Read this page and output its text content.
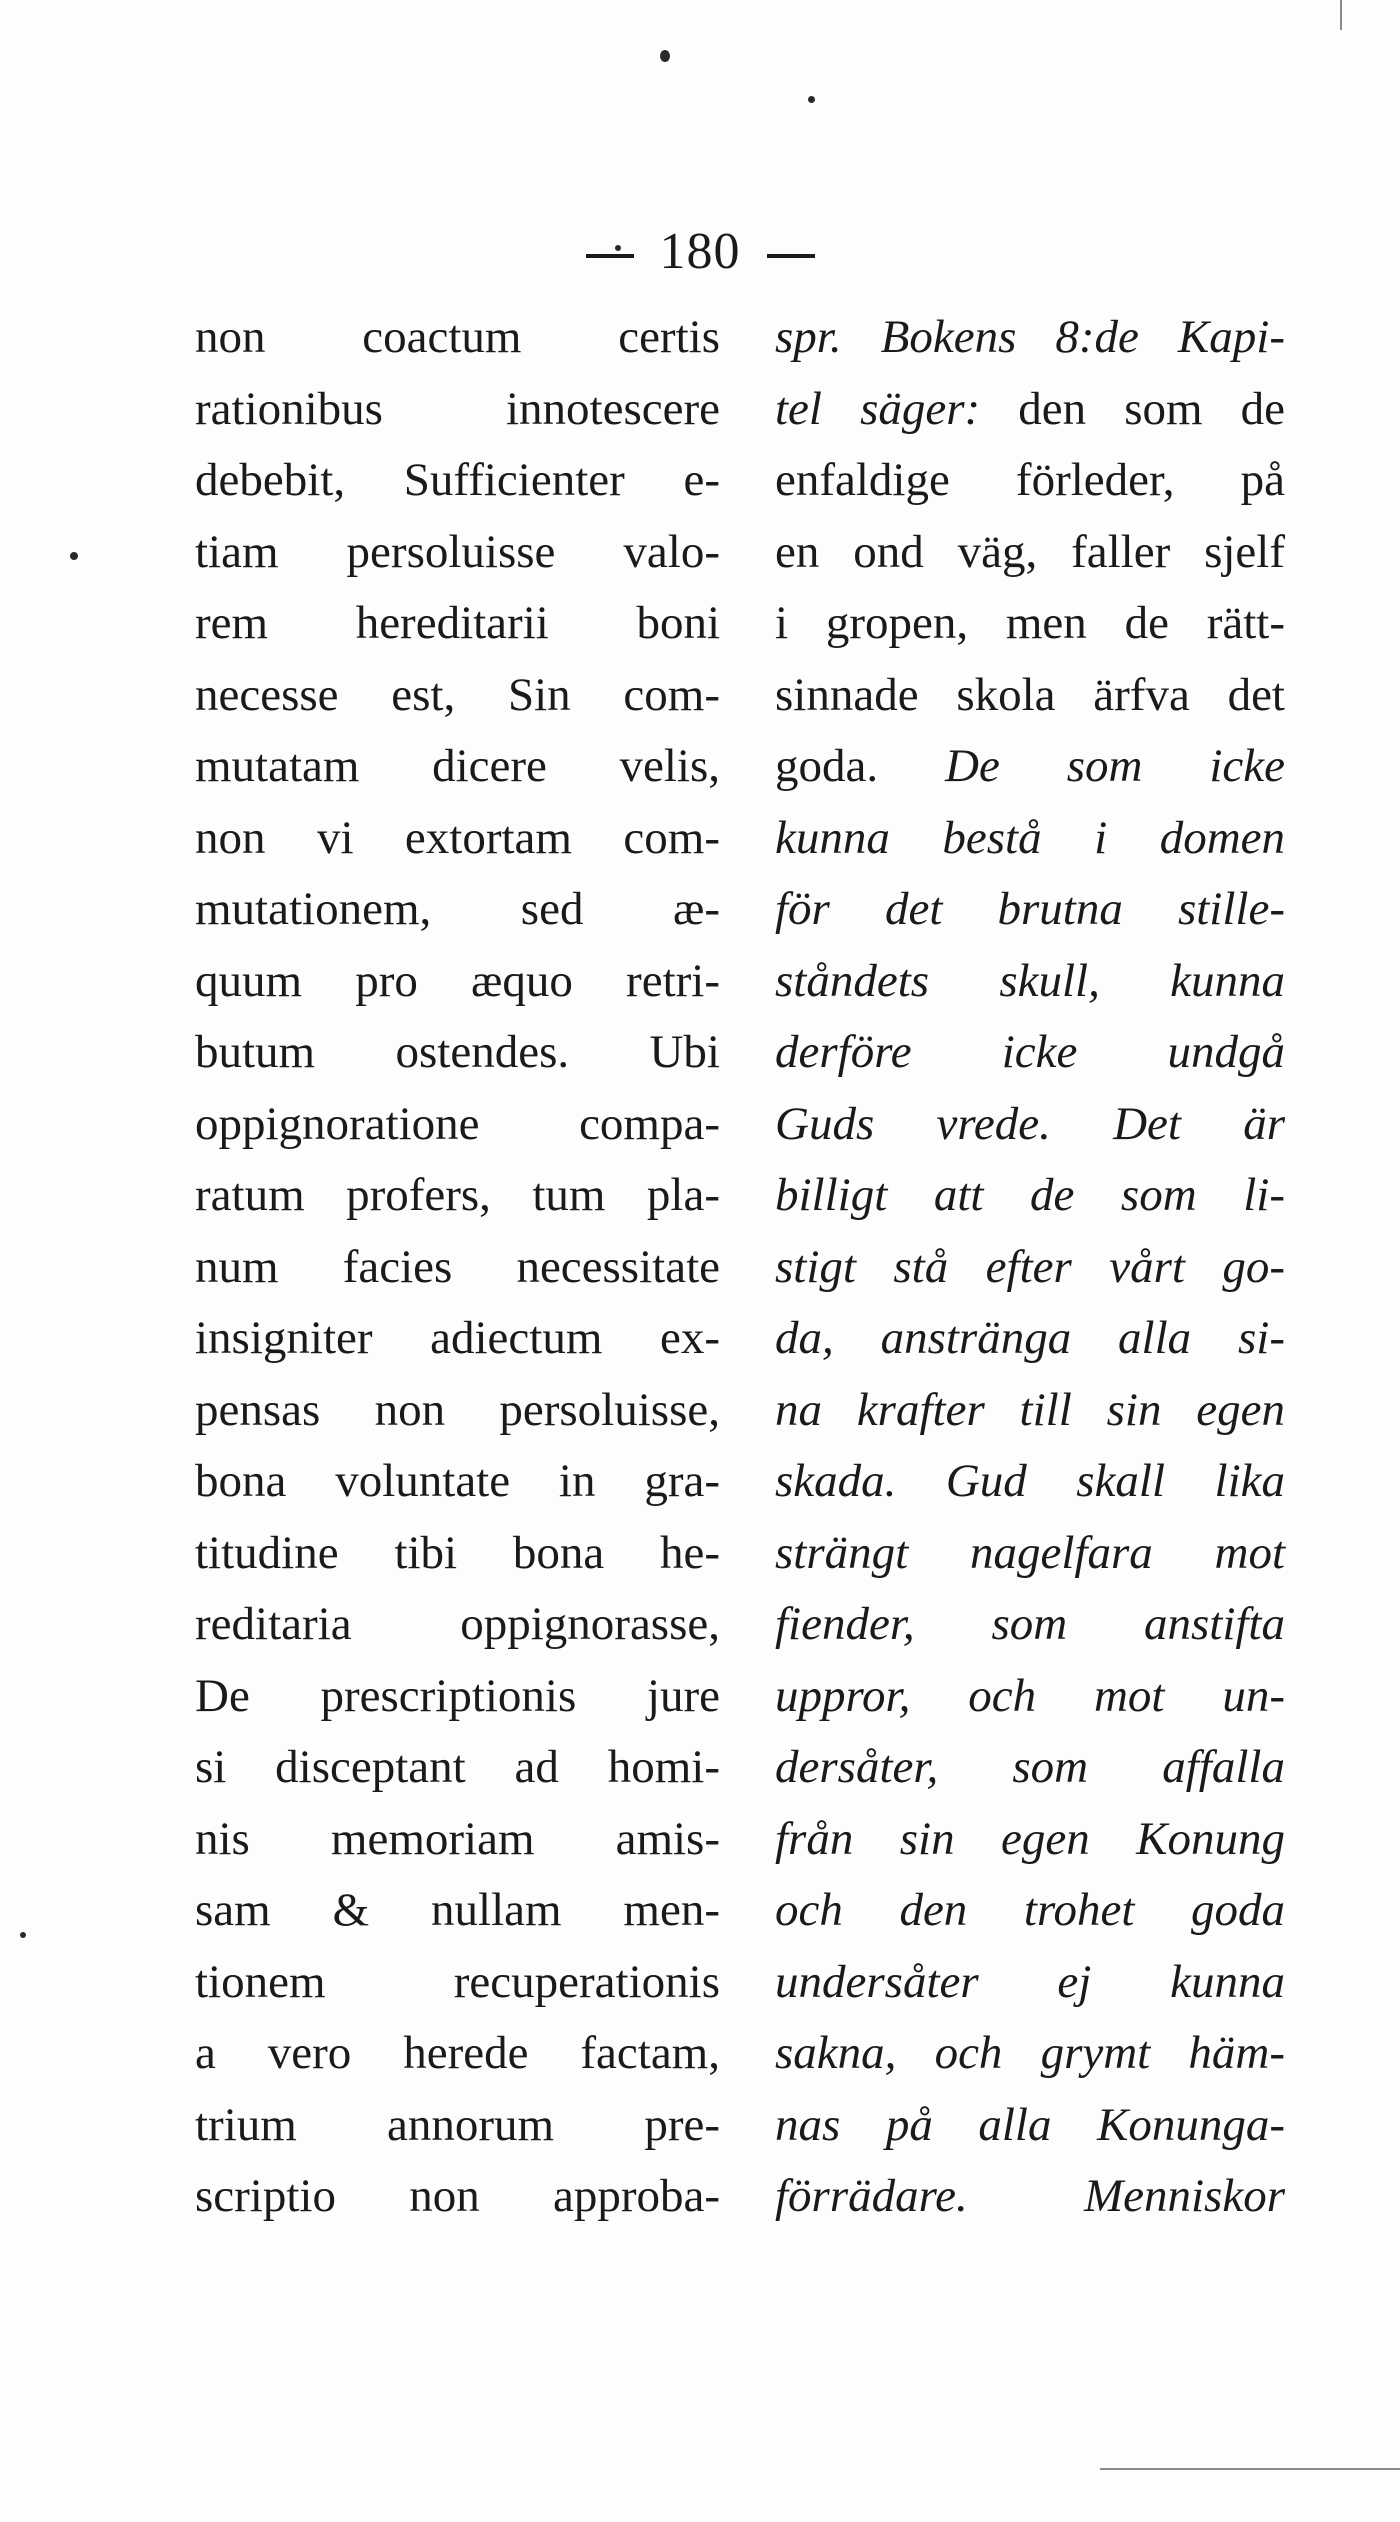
180
non coactum certis
rationibus innotescere
debebit, Sufficienter e-
tiam persoluisse valo-
rem hereditarii boni
necesse est, Sin com-
mutatam dicere velis,
non vi extortam com-
mutationem, sed æ-
quum pro æquo retri-
butum ostendes. Ubi
oppignoratione compa-
ratum profers, tum pla-
num facies necessitate
insigniter adiectum ex-
pensas non persoluisse,
bona voluntate in gra-
titudine tibi bona he-
reditaria oppignorasse,
De prescriptionis jure
si disceptant ad homi-
nis memoriam amis-
sam & nullam men-
tionem recuperationis
a vero herede factam,
trium annorum pre-
scriptio non approba-
spr. Bokens 8:de Kapi-
tel säger: den som de
enfaldige förleder, på
en ond väg, faller sjelf
i gropen, men de rätt-
sinnade skola ärfva det
goda. De som icke
kunna bestå i domen
för det brutna stille-
ståndets skull, kunna
derföre icke undgå
Guds vrede. Det är
billigt att de som li-
stigt stå efter vårt go-
da, anstränga alla si-
na krafter till sin egen
skada. Gud skall lika
strängt nagelfara mot
fiender, som anstifta
uppror, och mot un-
dersåter, som affalla
från sin egen Konung
och den trohet goda
undersåter ej kunna
sakna, och grymt häm-
nas på alla Konunga-
förrädare. Menniskor
